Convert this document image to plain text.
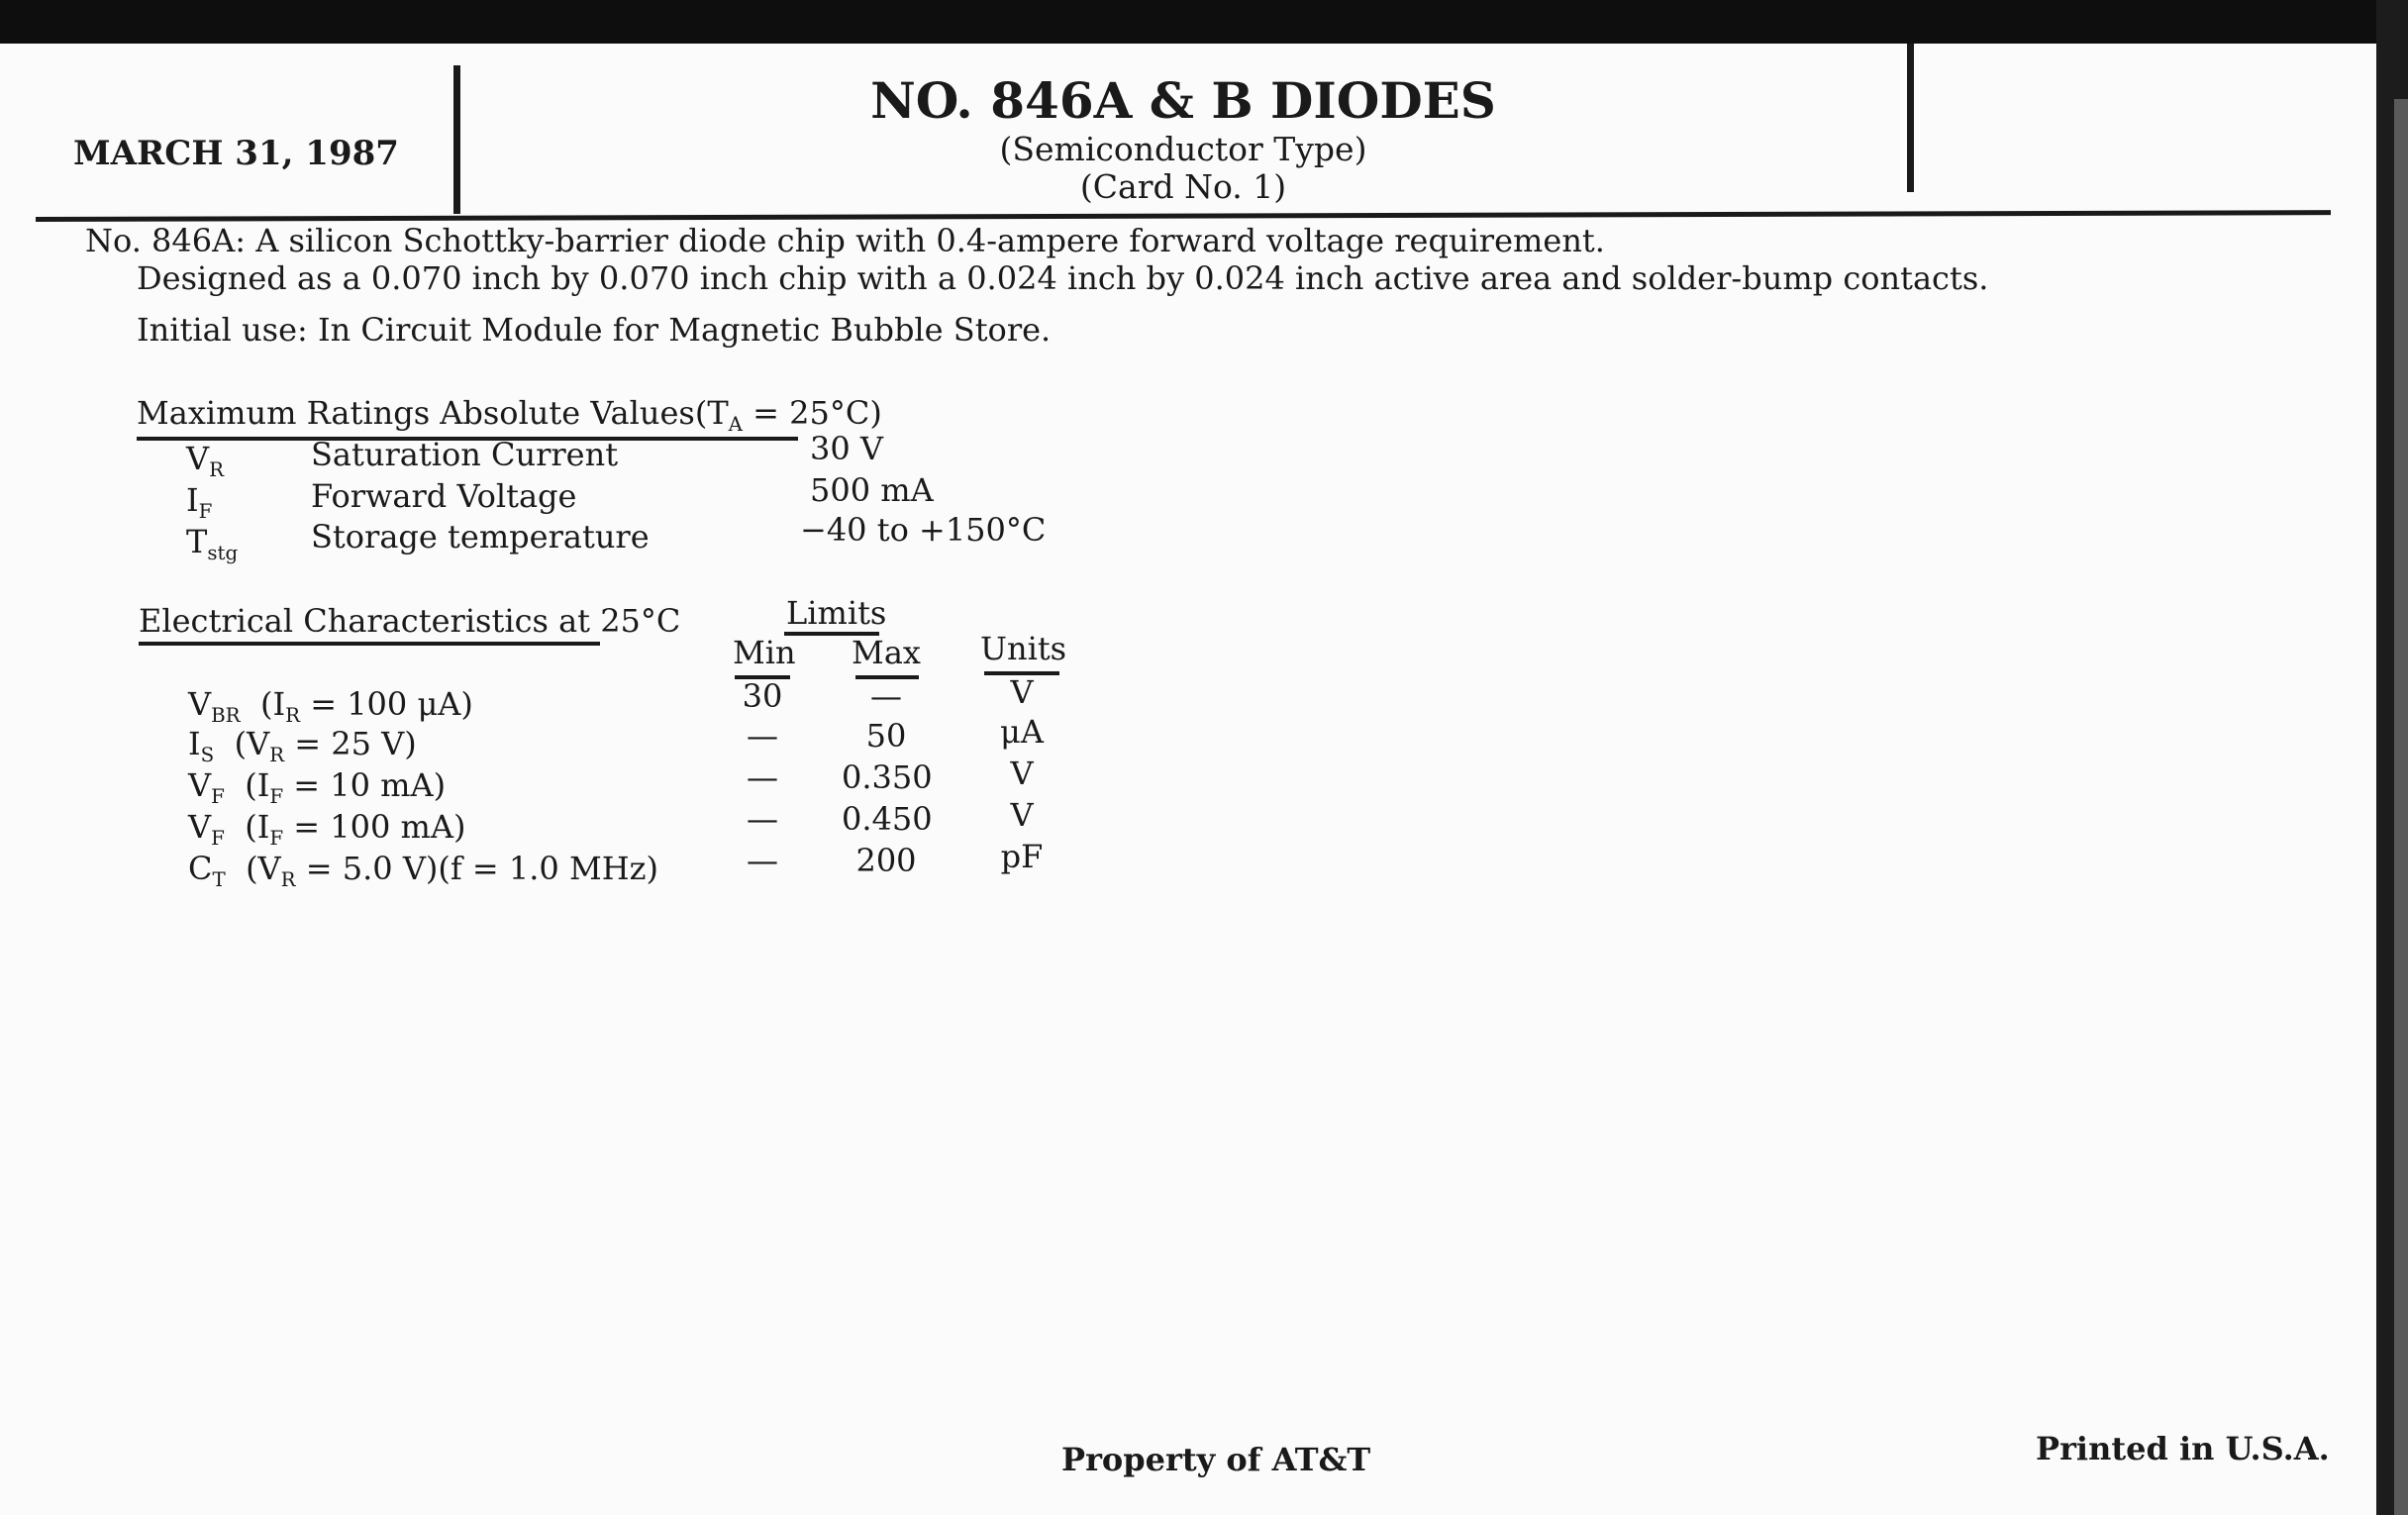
MARCH 31, 1987
NO. 846A & B DIODES
(Semiconductor Type)
(Card No. 1)
No. 846A: A silicon Schottky-barrier diode chip with 0.4-ampere forward voltage requirement.
Designed as a 0.070 inch by 0.070 inch chip with a 0.024 inch by 0.024 inch active area and solder-bump contacts.
Initial use: In Circuit Module for Magnetic Bubble Store.
Maximum Ratings Absolute $Values(T_A = 25^\circ C)$
$V_R$	Saturation Current	30 V
$I_F$	Forward Voltage	500 mA
$T_{stg}$ Storage temperature	−40 to +150°C
Electrical Characteristics at 25°C	Limits
Min Max Units
$V_{BR}$ ($I_R = 100$ μA)	30	—	V
$I_S$ ($V_R = 25$ V)	—	50	μA
$V_F$ ($I_F = 10$ mA)	—	0.350	V
$V_F$ ($I_F = 100$ mA)	—	0.450	V
$C_T$ ($V_R = 5.0$ V)(f = 1.0 MHz)	—	200	pF
Property of AT&T	Printed in U.S.A.
